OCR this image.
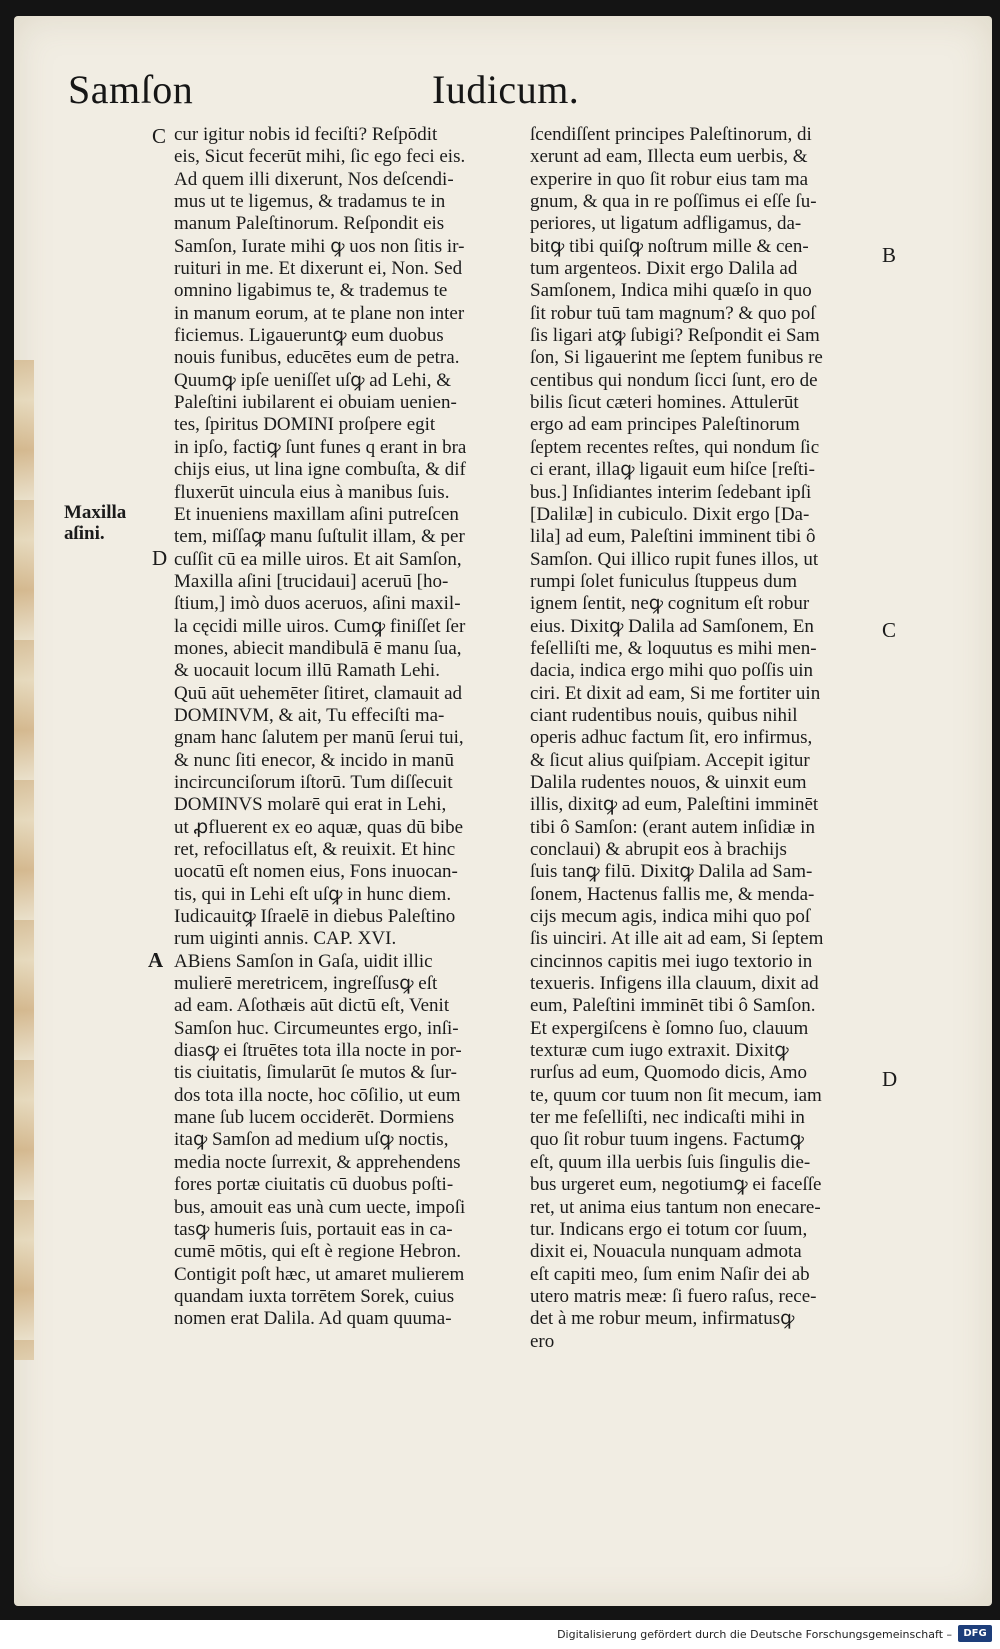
Samſon	Iudicum.
Maxilla
aſini.
C
D
A
B
C
D
cur igitur nobis id feciſti? Reſpōdit
eis, Sicut fecerūt mihi, ſic ego feci eis.
Ad quem illi dixerunt, Nos deſcendi-
mus ut te ligemus, & tradamus te in
manum Paleſtinorum. Reſpondit eis
Samſon, Iurate mihi ꝙ uos non ſitis ir-
ruituri in me. Et dixerunt ei, Non. Sed
omnino ligabimus te, & trademus te
in manum eorum, at te plane non inter
ficiemus. Ligaueruntꝙ eum duobus
nouis funibus, educētes eum de petra.
Quumꝙ ipſe ueniſſet uſꝙ ad Lehi, &
Paleſtini iubilarent ei obuiam uenien-
tes, ſpiritus DOMINI proſpere egit
in ipſo, factiꝙ ſunt funes q erant in bra
chijs eius, ut lina igne combuſta, & dif
fluxerūt uincula eius à manibus ſuis.
Et inueniens maxillam aſini putreſcen
tem, miſſaꝙ manu ſuſtulit illam, & per
cuſſit cū ea mille uiros. Et ait Samſon,
Maxilla aſini [trucidaui] aceruū [ho-
ſtium,] imò duos aceruos, aſini maxil-
la cęcidi mille uiros. Cumꝙ finiſſet ſer
mones, abiecit mandibulā ē manu ſua,
& uocauit locum illū Ramath Lehi.
Quū aūt uehemēter ſitiret, clamauit ad
DOMINVM, & ait, Tu effeciſti ma-
gnam hanc ſalutem per manū ſerui tui,
& nunc ſiti enecor, & incido in manū
incircunciſorum iſtorū. Tum diſſecuit
DOMINVS molarē qui erat in Lehi,
ut ꝓfluerent ex eo aquæ, quas dū bibe
ret, refocillatus eſt, & reuixit. Et hinc
uocatū eſt nomen eius, Fons inuocan-
tis, qui in Lehi eſt uſꝙ in hunc diem.
Iudicauitꝙ Iſraelē in diebus Paleſtino
rum uiginti annis. CAP. XVI.
ABiens Samſon in Gaſa, uidit illic
mulierē meretricem, ingreſſusꝙ eſt
ad eam. Aſothæis aūt dictū eſt, Venit
Samſon huc. Circumeuntes ergo, inſi-
diasꝙ ei ſtruētes tota illa nocte in por-
tis ciuitatis, ſimularūt ſe mutos & ſur-
dos tota illa nocte, hoc cōſilio, ut eum
mane ſub lucem occiderēt. Dormiens
itaꝙ Samſon ad medium uſꝙ noctis,
media nocte ſurrexit, & apprehendens
fores portæ ciuitatis cū duobus poſti-
bus, amouit eas unà cum uecte, impoſi
tasꝙ humeris ſuis, portauit eas in ca-
cumē mōtis, qui eſt è regione Hebron.
Contigit poſt hæc, ut amaret mulierem
quandam iuxta torrētem Sorek, cuius
nomen erat Dalila. Ad quam quuma-
ſcendiſſent principes Paleſtinorum, di
xerunt ad eam, Illecta eum uerbis, &
experire in quo ſit robur eius tam ma
gnum, & qua in re poſſimus ei eſſe ſu-
periores, ut ligatum adfligamus, da-
bitꝙ tibi quiſꝙ noſtrum mille & cen-
tum argenteos. Dixit ergo Dalila ad
Samſonem, Indica mihi quæſo in quo
ſit robur tuū tam magnum? & quo poſ
ſis ligari atꝙ ſubigi? Reſpondit ei Sam
ſon, Si ligauerint me ſeptem funibus re
centibus qui nondum ſicci ſunt, ero de
bilis ſicut cæteri homines. Attulerūt
ergo ad eam principes Paleſtinorum
ſeptem recentes reſtes, qui nondum ſic
ci erant, illaꝙ ligauit eum hiſce [reſti-
bus.] Inſidiantes interim ſedebant ipſi
[Dalilæ] in cubiculo. Dixit ergo [Da-
lila] ad eum, Paleſtini imminent tibi ô
Samſon. Qui illico rupit funes illos, ut
rumpi ſolet funiculus ſtuppeus dum
ignem ſentit, neꝙ cognitum eſt robur
eius. Dixitꝙ Dalila ad Samſonem, En
feſelliſti me, & loquutus es mihi men-
dacia, indica ergo mihi quo poſſis uin
ciri. Et dixit ad eam, Si me fortiter uin
ciant rudentibus nouis, quibus nihil
operis adhuc factum ſit, ero infirmus,
& ſicut alius quiſpiam. Accepit igitur
Dalila rudentes nouos, & uinxit eum
illis, dixitꝙ ad eum, Paleſtini imminēt
tibi ô Samſon: (erant autem inſidiæ in
conclaui) & abrupit eos à brachijs
ſuis tanꝙ filū. Dixitꝙ Dalila ad Sam-
ſonem, Hactenus fallis me, & menda-
cijs mecum agis, indica mihi quo poſ
ſis uinciri. At ille ait ad eam, Si ſeptem
cincinnos capitis mei iugo textorio in
texueris. Infigens illa clauum, dixit ad
eum, Paleſtini imminēt tibi ô Samſon.
Et expergiſcens è ſomno ſuo, clauum
texturæ cum iugo extraxit. Dixitꝙ
rurſus ad eum, Quomodo dicis, Amo
te, quum cor tuum non ſit mecum, iam
ter me feſelliſti, nec indicaſti mihi in
quo ſit robur tuum ingens. Factumꝙ
eſt, quum illa uerbis ſuis ſingulis die-
bus urgeret eum, negotiumꝙ ei faceſſe
ret, ut anima eius tantum non enecare-
tur. Indicans ergo ei totum cor ſuum,
dixit ei, Nouacula nunquam admota
eſt capiti meo, ſum enim Naſir dei ab
utero matris meæ: ſi fuero raſus, rece-
det à me robur meum, infirmatusꝙ
ero
Digitalisierung gefördert durch die Deutsche Forschungsgemeinschaft –	DFG
